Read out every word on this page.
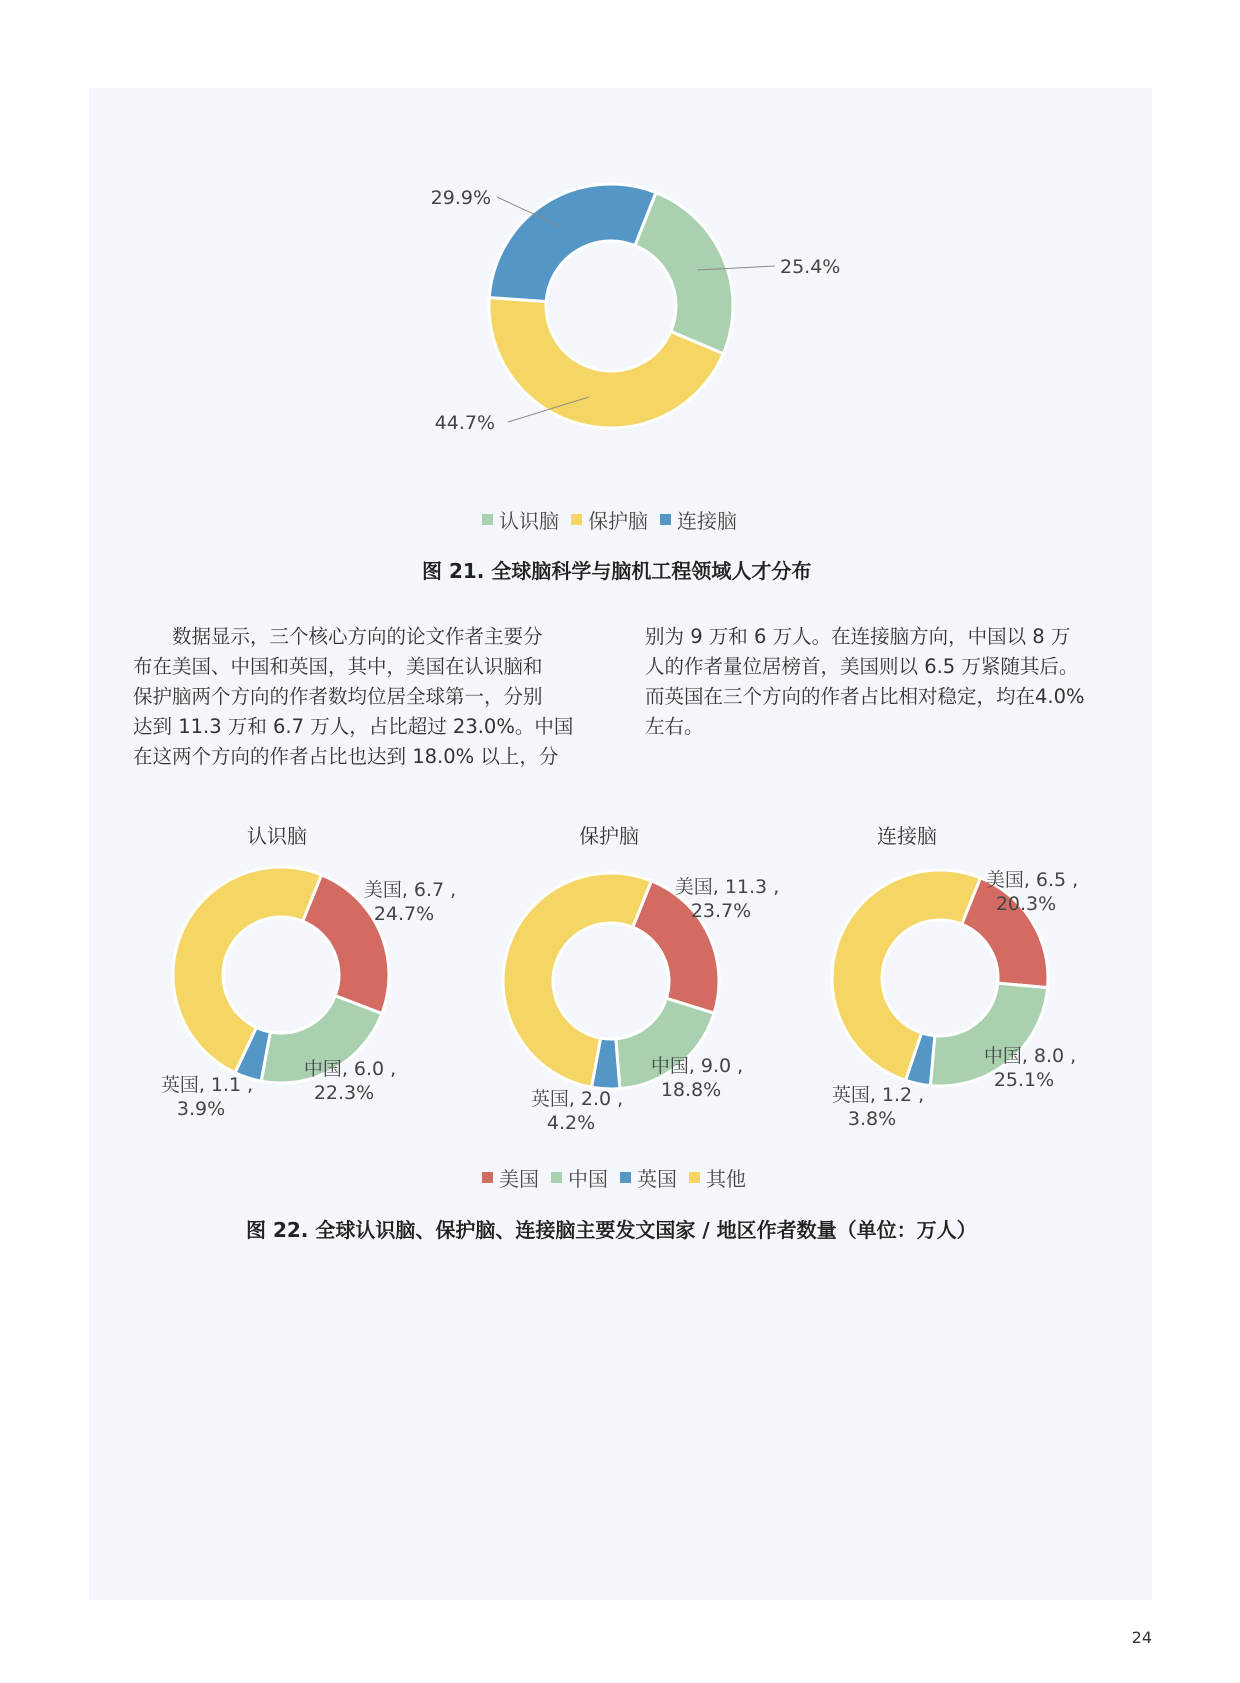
25.4%
44.7%
29.9%
认识脑 保护脑 连接脑
图 21. 全球脑科学与脑机工程领域人才分布

　　数据显示，三个核心方向的论文作者主要分

布在美国、中国和英国，其中，美国在认识脑和

保护脑两个方向的作者数均位居全球第一，分别

达到 11.3 万和 6.7 万人，占比超过 23.0%。中国

在这两个方向的作者占比也达到 18.0% 以上，分

别为 9 万和 6 万人。在连接脑方向，中国以 8 万

人的作者量位居榜首，美国则以 6.5 万紧随其后。

而英国在三个方向的作者占比相对稳定，均在4.0%

左右。

认识脑
美国, 6.7 ,
24.7%
中国, 6.0 ,
22.3%
英国, 1.1 ,
3.9%
保护脑
美国, 11.3 ,
23.7%
中国, 9.0 ,
18.8%
英国, 2.0 ,
4.2%
连接脑
美国, 6.5 ,
20.3%
中国, 8.0 ,
25.1%
英国, 1.2 ,
3.8%
美国 中国 英国 其他
图 22. 全球认识脑、保护脑、连接脑主要发文国家 / 地区作者数量（单位：万人）
24
